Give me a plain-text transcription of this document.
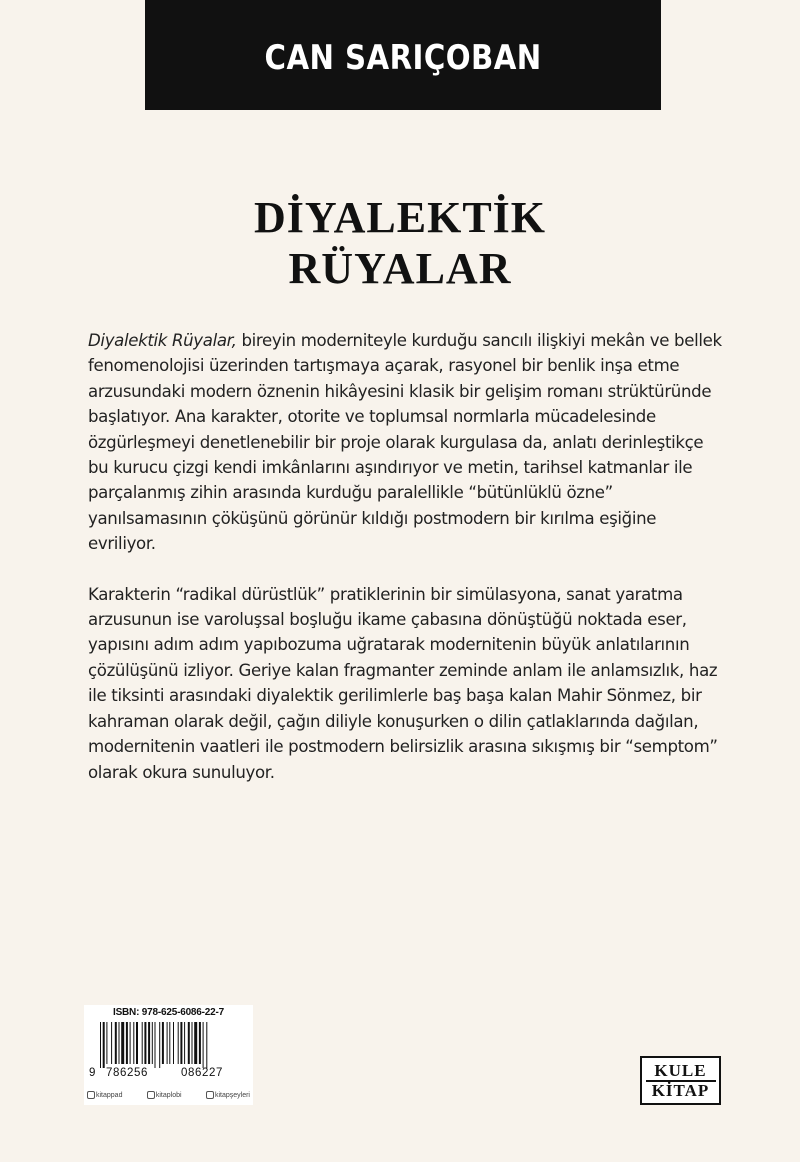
CAN SARIÇOBAN
DİYALEKTİK
RÜYALAR

Diyalektik Rüyalar, bireyin moderniteyle kurduğu sancılı ilişkiyi mekân ve bellek fenomenolojisi üzerinden tartışmaya açarak, rasyonel bir benlik inşa etme arzusundaki modern öznenin hikâyesini klasik bir gelişim romanı strüktüründe başlatıyor. Ana karakter, otorite ve toplumsal normlarla mücadelesinde özgürleşmeyi denetlenebilir bir proje olarak kurgulasa da, anlatı derinleştikçe bu kurucu çizgi kendi imkânlarını aşındırıyor ve metin, tarihsel katmanlar ile parçalanmış zihin arasında kurduğu paralellikle “bütünlüklü özne” yanılsamasının çöküşünü görünür kıldığı postmodern bir kırılma eşiğine evriliyor.

Karakterin “radikal dürüstlük” pratiklerinin bir simülasyona, sanat yaratma arzusunun ise varoluşsal boşluğu ikame çabasına dönüştüğü noktada eser, yapısını adım adım yapıbozuma uğratarak modernitenin büyük anlatılarının çözülüşünü izliyor. Geriye kalan fragmanter zeminde anlam ile anlamsızlık, haz ile tiksinti arasındaki diyalektik gerilimlerle baş başa kalan Mahir Sönmez, bir kahraman olarak değil, çağın diliyle konuşurken o dilin çatlaklarında dağılan, modernitenin vaatleri ile postmodern belirsizlik arasına sıkışmış bir “semptom” olarak okura sunuluyor.

ISBN: 978-625-6086-22-7
9 786256	086227
kitappad	kitaplobi	kitapşeyleri
KULE
KİTAP
